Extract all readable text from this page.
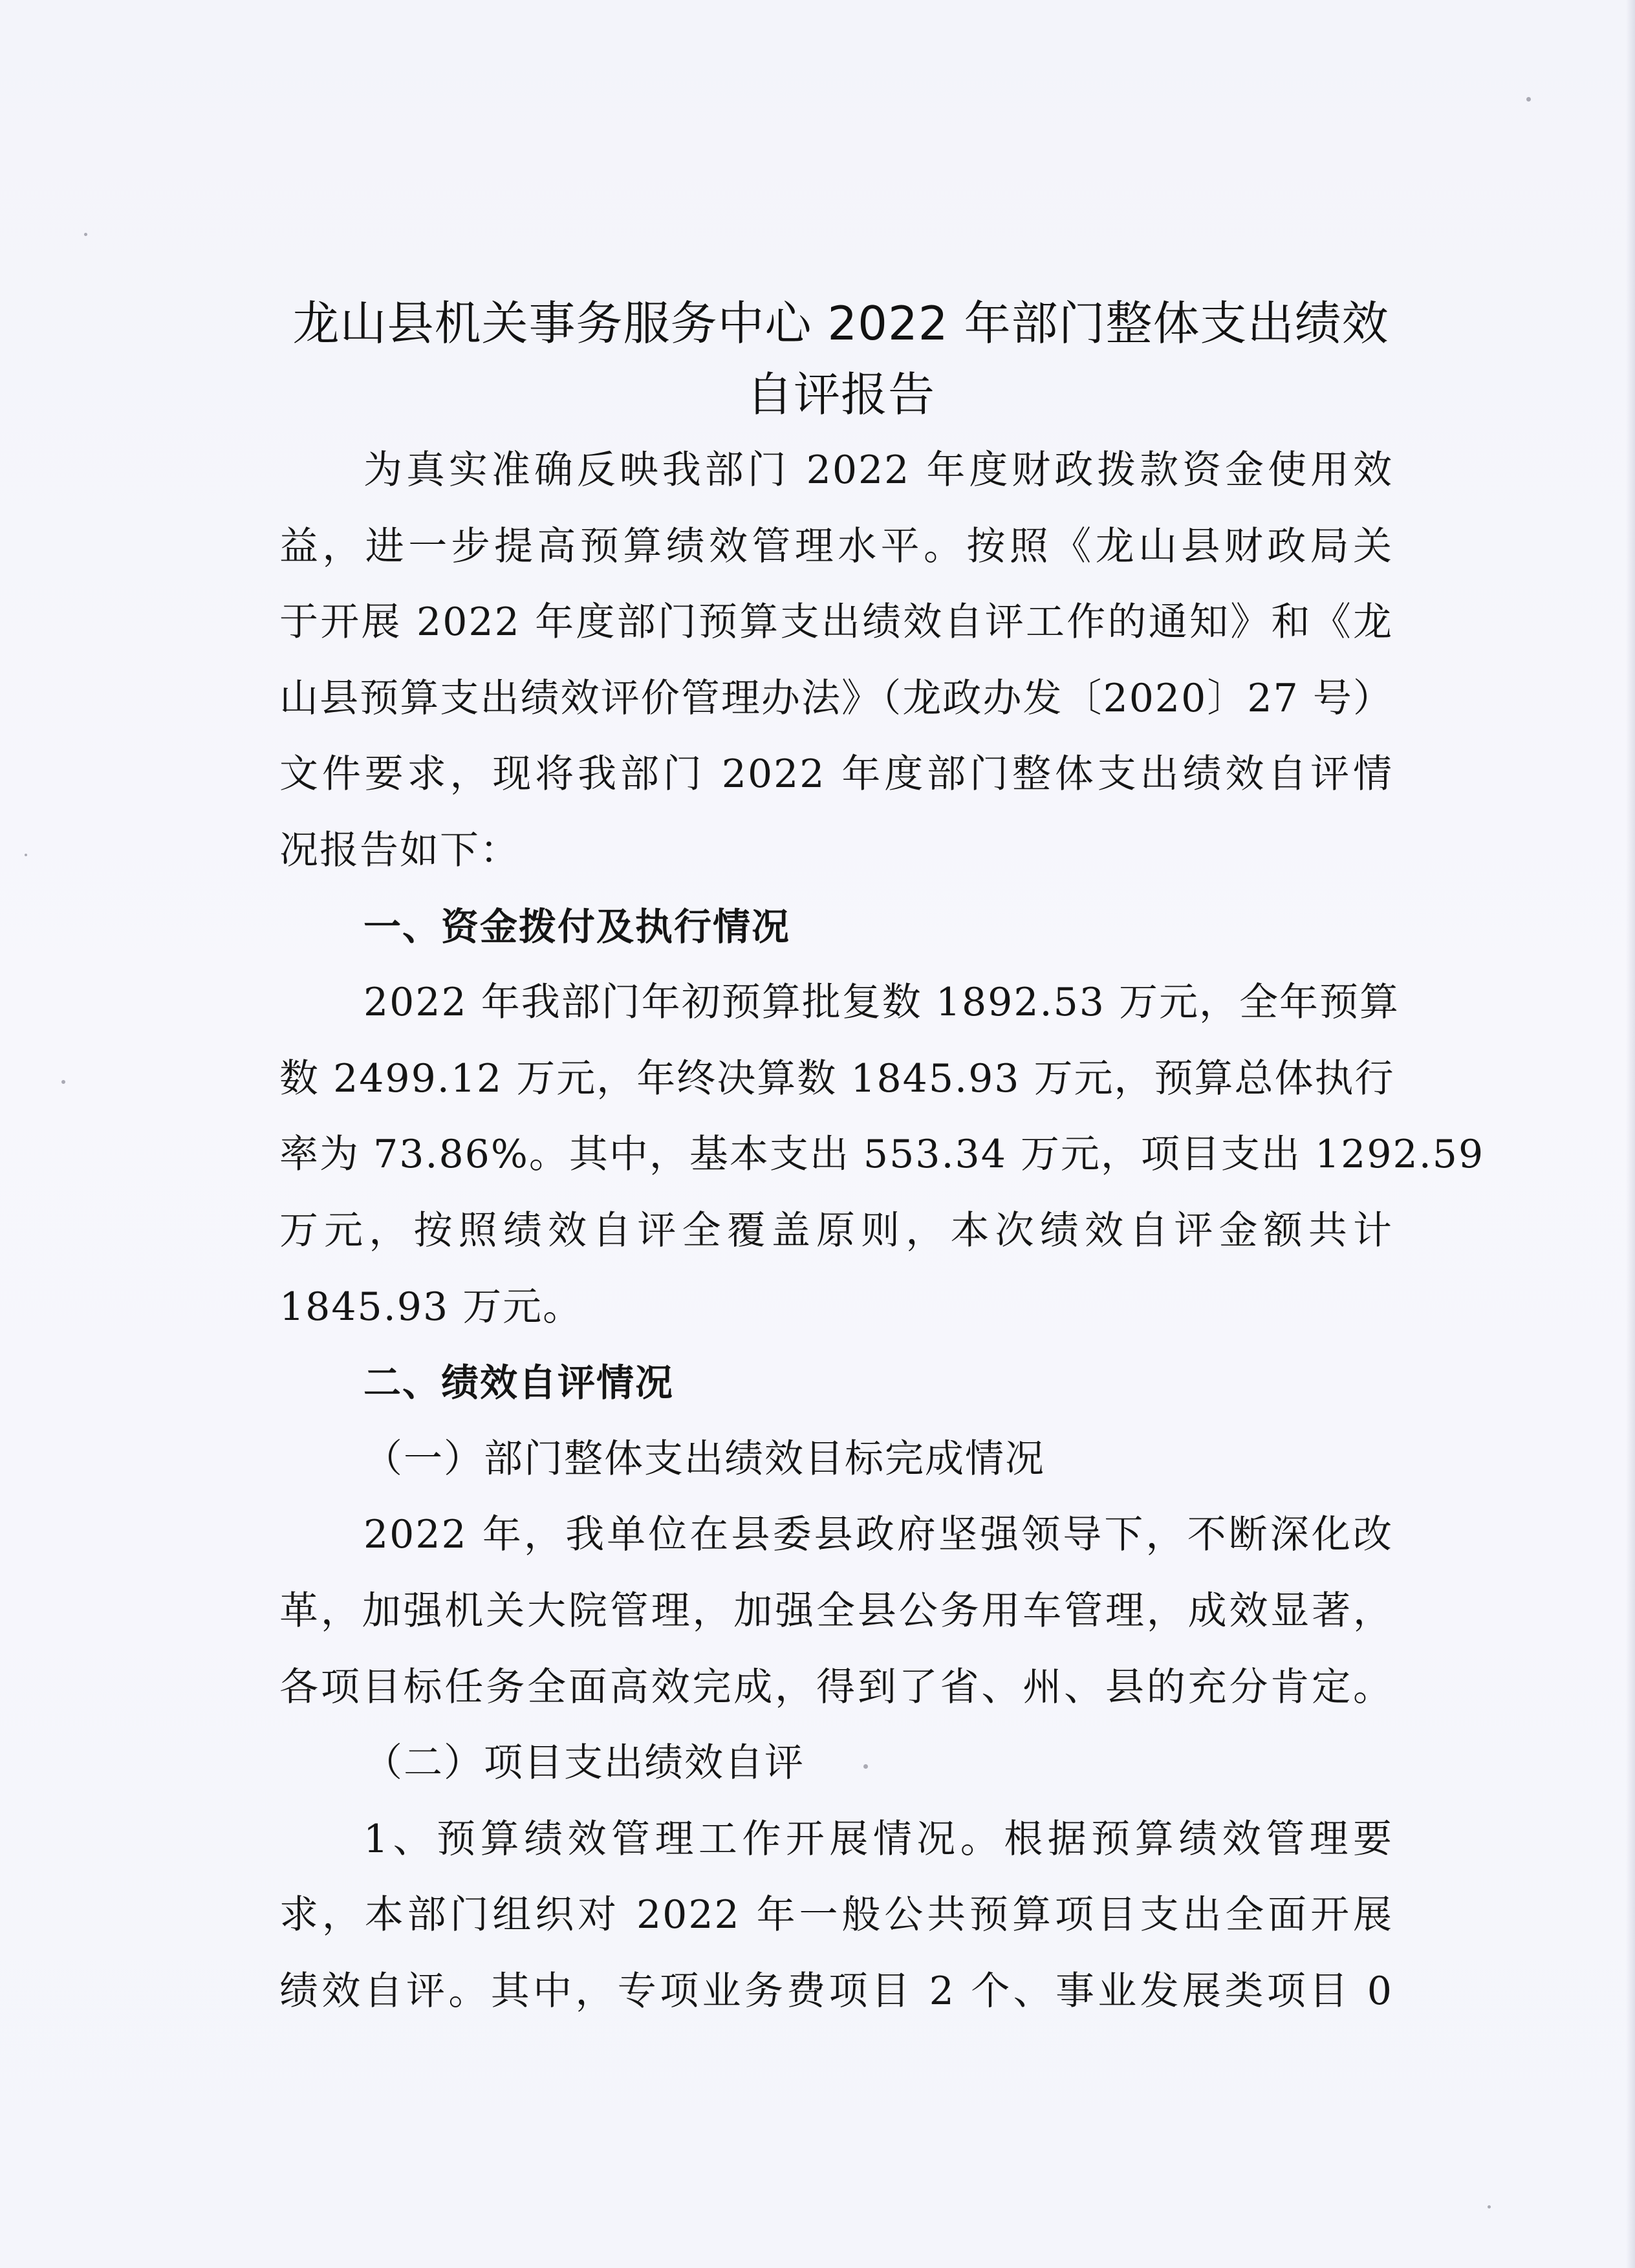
龙山县机关事务服务中心 2022 年部门整体支出绩效
自评报告
为真实准确反映我部门 2022 年度财政拨款资金使用效
益，进一步提高预算绩效管理水平。按照《龙山县财政局关
于开展 2022 年度部门预算支出绩效自评工作的通知》和《龙
山县预算支出绩效评价管理办法》（龙政办发〔2020〕27 号）
文件要求，现将我部门 2022 年度部门整体支出绩效自评情
况报告如下：
一、资金拨付及执行情况
2022 年我部门年初预算批复数 1892.53 万元，全年预算
数 2499.12 万元，年终决算数 1845.93 万元，预算总体执行
率为 73.86%。其中，基本支出 553.34 万元，项目支出 1292.59
万元，按照绩效自评全覆盖原则，本次绩效自评金额共计
1845.93 万元。
二、绩效自评情况
（一）部门整体支出绩效目标完成情况
2022 年，我单位在县委县政府坚强领导下，不断深化改
革，加强机关大院管理，加强全县公务用车管理，成效显著，
各项目标任务全面高效完成，得到了省、州、县的充分肯定。
（二）项目支出绩效自评
1、预算绩效管理工作开展情况。根据预算绩效管理要
求，本部门组织对 2022 年一般公共预算项目支出全面开展
绩效自评。其中，专项业务费项目 2 个、事业发展类项目 0
